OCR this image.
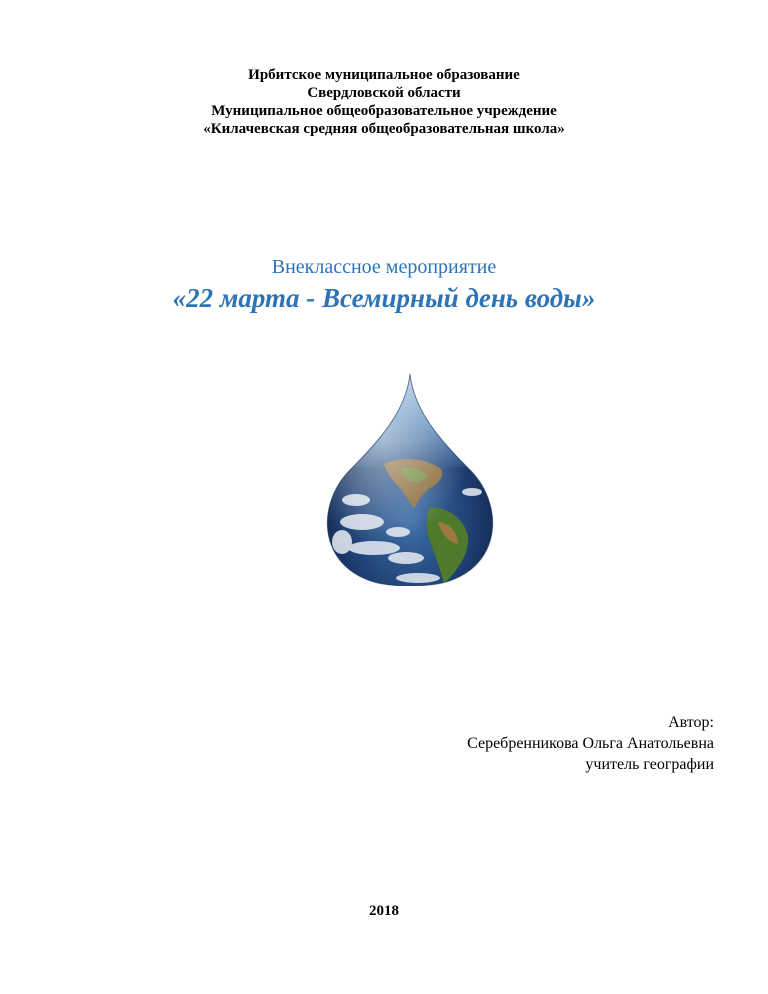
Ирбитское муниципальное образование
Свердловской области
Муниципальное общеобразовательное учреждение
«Килачевская средняя общеобразовательная школа»
Внеклассное мероприятие
«22 марта - Всемирный день воды»
Автор:
Серебренникова Ольга Анатольевна
учитель географии
2018
